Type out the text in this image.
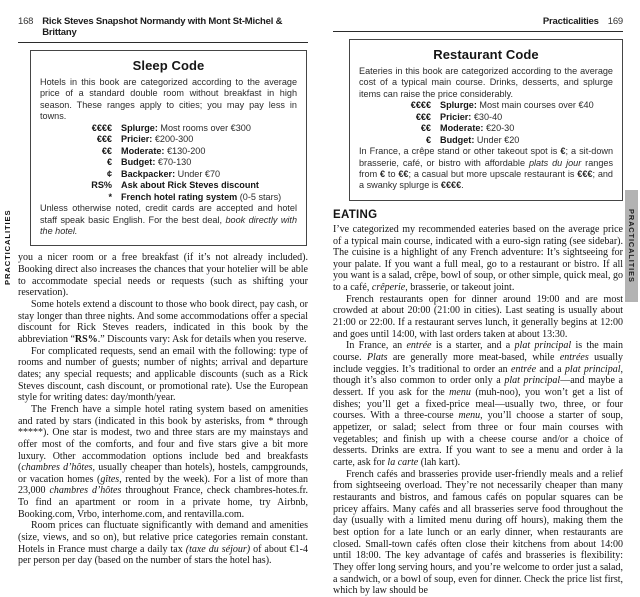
PRACTICALITIES	PRACTICALITIES
168 Rick Steves Snapshot Normandy with Mont St-Michel & Brittany
Sleep Code

Hotels in this book are categorized according to the average price of a standard double room without breakfast in high season. These ranges apply to cities; you may pay less in towns.

€€€€ Splurge: Most rooms over €300
€€€ Pricier: €200-300
€€ Moderate: €130-200
€ Budget: €70-130
¢ Backpacker: Under €70
RS% Ask about Rick Steves discount
* French hotel rating system (0-5 stars)

Unless otherwise noted, credit cards are accepted and hotel staff speak basic English. For the best deal, book directly with the hotel.

you a nicer room or a free breakfast (if it’s not already included). Booking direct also increases the chances that your hotelier will be able to accommodate special needs or requests (such as shifting your reservation).

Some hotels extend a discount to those who book direct, pay cash, or stay longer than three nights. And some accommodations offer a special discount for Rick Steves readers, indicated in this book by the abbreviation “RS%.” Discounts vary: Ask for details when you reserve.

For complicated requests, send an email with the following: type of rooms and number of guests; number of nights; arrival and departure dates; any special requests; and applicable discounts (such as a Rick Steves discount, cash discount, or promotional rate). Use the European style for writing dates: day/month/year.

The French have a simple hotel rating system based on amenities and rated by stars (indicated in this book by asterisks, from * through *****). One star is modest, two and three stars are my mainstays and offer most of the comforts, and four and five stars give a bit more luxury. Other accommodation options include bed and breakfasts (chambres d’hôtes, usually cheaper than hotels), hostels, campgrounds, or vacation homes (gîtes, rented by the week). For a list of more than 23,000 chambres d’hôtes throughout France, check chambres-hotes.fr. To find an apartment or room in a private home, try Airbnb, Booking.com, Vrbo, interhome.com, and rentavilla.com.

Room prices can fluctuate significantly with demand and amenities (size, views, and so on), but relative price categories remain constant. Hotels in France must charge a daily tax (taxe du séjour) of about €1-4 per person per day (based on the number of stars the hotel has).

Practicalities 169
Restaurant Code

Eateries in this book are categorized according to the average cost of a typical main course. Drinks, desserts, and splurge items can raise the price considerably.

€€€€ Splurge: Most main courses over €40
€€€ Pricier: €30-40
€€ Moderate: €20-30
€ Budget: Under €20

In France, a crêpe stand or other takeout spot is €; a sit-down brasserie, café, or bistro with affordable plats du jour ranges from € to €€; a casual but more upscale restaurant is €€€; and a swanky splurge is €€€€.

EATING

I’ve categorized my recommended eateries based on the average price of a typical main course, indicated with a euro-sign rating (see sidebar). The cuisine is a highlight of any French adventure: It’s sightseeing for your palate. If you want a full meal, go to a restaurant or bistro. If all you want is a salad, crêpe, bowl of soup, or other simple, quick meal, go to a café, crêperie, brasserie, or takeout joint.

French restaurants open for dinner around 19:00 and are most crowded at about 20:00 (21:00 in cities). Last seating is usually about 21:00 or 22:00. If a restaurant serves lunch, it generally begins at 12:00 and goes until 14:00, with last orders taken at about 13:30.

In France, an entrée is a starter, and a plat principal is the main course. Plats are generally more meat-based, while entrées usually include veggies. It’s traditional to order an entrée and a plat principal, though it’s also common to order only a plat principal—and maybe a dessert. If you ask for the menu (muh-noo), you won’t get a list of dishes; you’ll get a fixed-price meal—usually two, three, or four courses. With a three-course menu, you’ll choose a starter of soup, appetizer, or salad; select from three or four main courses with vegetables; and finish up with a cheese course and/or a choice of desserts. Drinks are extra. If you want to see a menu and order à la carte, ask for la carte (lah kart).

French cafés and brasseries provide user-friendly meals and a relief from sightseeing overload. They’re not necessarily cheaper than many restaurants and bistros, and famous cafés on popular squares can be pricey affairs. Many cafés and all brasseries serve food throughout the day (usually with a limited menu during off hours), making them the best option for a late lunch or an early dinner, when restaurants are closed. Small-town cafés often close their kitchens from about 14:00 until 18:00. The key advantage of cafés and brasseries is flexibility: They offer long serving hours, and you’re welcome to order just a salad, a sandwich, or a bowl of soup, even for dinner. Check the price list first, which by law should be
